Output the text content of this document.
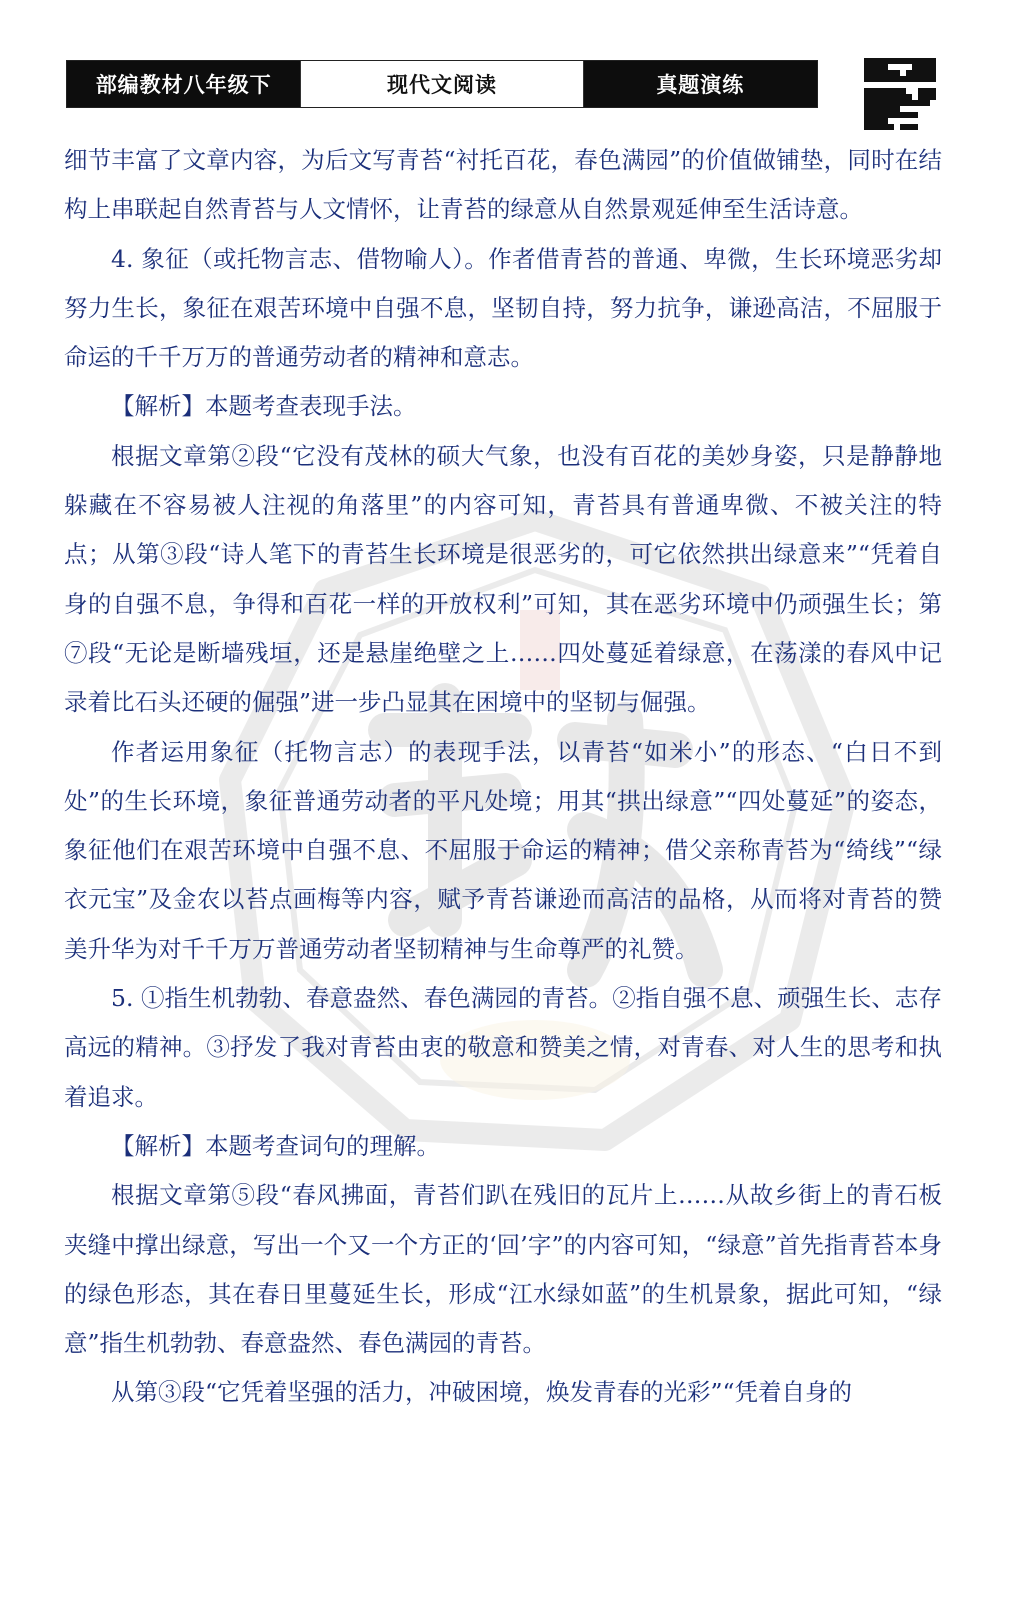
部编教材八年级下	现代文阅读	真题演练

细节丰富了文章内容，为后文写青苔“衬托百花，春色满园”的价值做铺垫，同时在结构上串联起自然青苔与人文情怀，让青苔的绿意从自然景观延伸至生活诗意。

4. 象征（或托物言志、借物喻人）。作者借青苔的普通、卑微，生长环境恶劣却努力生长，象征在艰苦环境中自强不息，坚韧自持，努力抗争，谦逊高洁，不屈服于命运的千千万万的普通劳动者的精神和意志。

【解析】本题考查表现手法。

根据文章第②段“它没有茂林的硕大气象，也没有百花的美妙身姿，只是静静地躲藏在不容易被人注视的角落里”的内容可知，青苔具有普通卑微、不被关注的特点；从第③段“诗人笔下的青苔生长环境是很恶劣的，可它依然拱出绿意来”“凭着自身的自强不息，争得和百花一样的开放权利”可知，其在恶劣环境中仍顽强生长；第⑦段“无论是断墙残垣，还是悬崖绝壁之上……四处蔓延着绿意，在荡漾的春风中记录着比石头还硬的倔强”进一步凸显其在困境中的坚韧与倔强。

作者运用象征（托物言志）的表现手法，以青苔“如米小”的形态、“白日不到处”的生长环境，象征普通劳动者的平凡处境；用其“拱出绿意”“四处蔓延”的姿态，象征他们在艰苦环境中自强不息、不屈服于命运的精神；借父亲称青苔为“绮线”“绿衣元宝”及金农以苔点画梅等内容，赋予青苔谦逊而高洁的品格，从而将对青苔的赞美升华为对千千万万普通劳动者坚韧精神与生命尊严的礼赞。

5. ①指生机勃勃、春意盎然、春色满园的青苔。②指自强不息、顽强生长、志存高远的精神。③抒发了我对青苔由衷的敬意和赞美之情，对青春、对人生的思考和执着追求。

【解析】本题考查词句的理解。

根据文章第⑤段“春风拂面，青苔们趴在残旧的瓦片上……从故乡街上的青石板夹缝中撑出绿意，写出一个又一个方正的‘回’字”的内容可知，“绿意”首先指青苔本身的绿色形态，其在春日里蔓延生长，形成“江水绿如蓝”的生机景象，据此可知，“绿意”指生机勃勃、春意盎然、春色满园的青苔。

从第③段“它凭着坚强的活力，冲破困境，焕发青春的光彩”“凭着自身的
